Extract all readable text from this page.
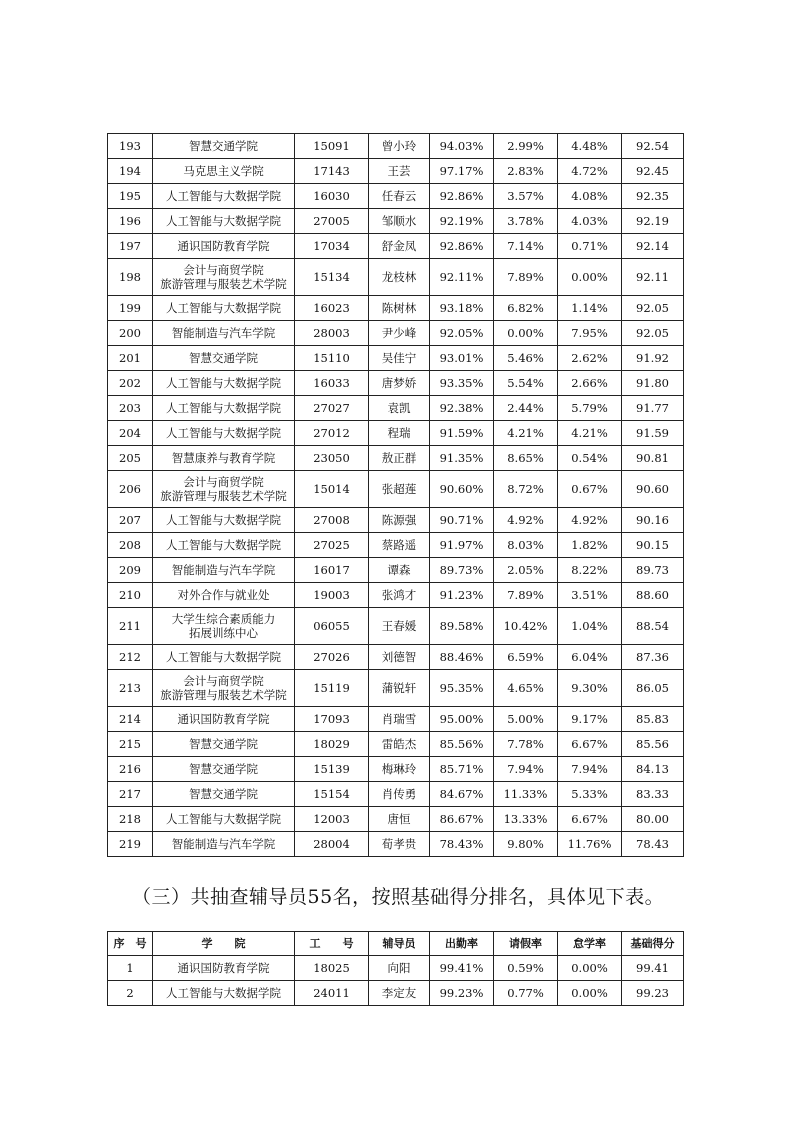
193	智慧交通学院	15091	曾小玲	94.03%	2.99%	4.48%	92.54
194	马克思主义学院	17143	王芸	97.17%	2.83%	4.72%	92.45
195	人工智能与大数据学院	16030	任春云	92.86%	3.57%	4.08%	92.35
196	人工智能与大数据学院	27005	邹顺水	92.19%	3.78%	4.03%	92.19
197	通识国防教育学院	17034	舒金凤	92.86%	7.14%	0.71%	92.14
198	会计与商贸学院
旅游管理与服装艺术学院	15134	龙枝林	92.11%	7.89%	0.00%	92.11
199	人工智能与大数据学院	16023	陈树林	93.18%	6.82%	1.14%	92.05
200	智能制造与汽车学院	28003	尹少峰	92.05%	0.00%	7.95%	92.05
201	智慧交通学院	15110	吴佳宁	93.01%	5.46%	2.62%	91.92
202	人工智能与大数据学院	16033	唐梦娇	93.35%	5.54%	2.66%	91.80
203	人工智能与大数据学院	27027	袁凯	92.38%	2.44%	5.79%	91.77
204	人工智能与大数据学院	27012	程瑞	91.59%	4.21%	4.21%	91.59
205	智慧康养与教育学院	23050	敖正群	91.35%	8.65%	0.54%	90.81
206	会计与商贸学院
旅游管理与服装艺术学院	15014	张超莲	90.60%	8.72%	0.67%	90.60
207	人工智能与大数据学院	27008	陈源强	90.71%	4.92%	4.92%	90.16
208	人工智能与大数据学院	27025	蔡路遥	91.97%	8.03%	1.82%	90.15
209	智能制造与汽车学院	16017	谭森	89.73%	2.05%	8.22%	89.73
210	对外合作与就业处	19003	张鸿才	91.23%	7.89%	3.51%	88.60
211	大学生综合素质能力
拓展训练中心	06055	王春媛	89.58%	10.42%	1.04%	88.54
212	人工智能与大数据学院	27026	刘德智	88.46%	6.59%	6.04%	87.36
213	会计与商贸学院
旅游管理与服装艺术学院	15119	蒲锐轩	95.35%	4.65%	9.30%	86.05
214	通识国防教育学院	17093	肖瑞雪	95.00%	5.00%	9.17%	85.83
215	智慧交通学院	18029	雷皓杰	85.56%	7.78%	6.67%	85.56
216	智慧交通学院	15139	梅琳玲	85.71%	7.94%	7.94%	84.13
217	智慧交通学院	15154	肖传勇	84.67%	11.33%	5.33%	83.33
218	人工智能与大数据学院	12003	唐恒	86.67%	13.33%	6.67%	80.00
219	智能制造与汽车学院	28004	荀孝贵	78.43%	9.80%	11.76%	78.43
（三）共抽查辅导员55名，按照基础得分排名，具体见下表。
序　号	学　　院	工　　号	辅导员	出勤率	请假率	怠学率	基础得分
1	通识国防教育学院	18025	向阳	99.41%	0.59%	0.00%	99.41
2	人工智能与大数据学院	24011	李定友	99.23%	0.77%	0.00%	99.23
